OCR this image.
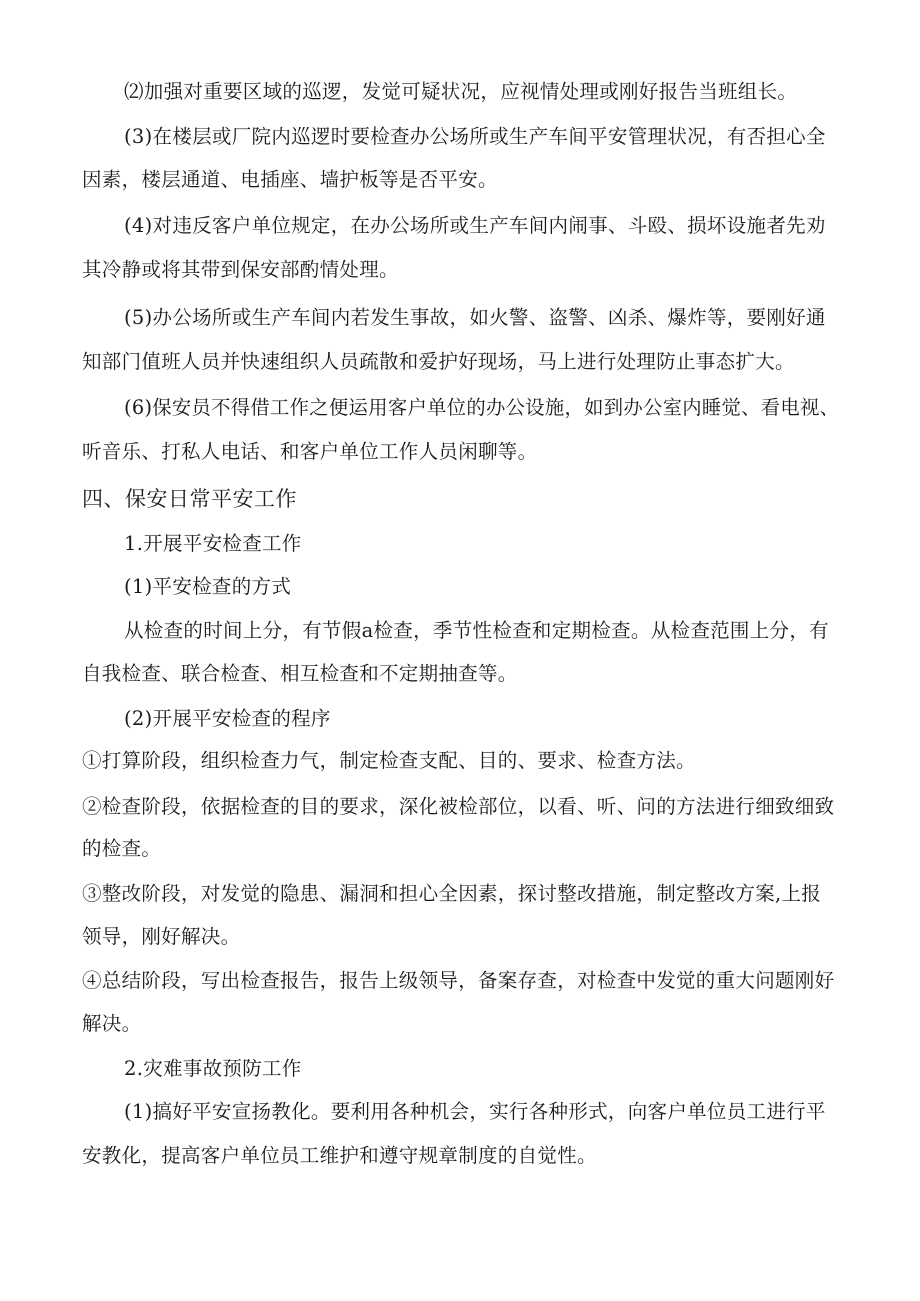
⑵加强对重要区域的巡逻，发觉可疑状况，应视情处理或刚好报告当班组长。
(3)在楼层或厂院内巡逻时要检查办公场所或生产车间平安管理状况，有否担心全
因素，楼层通道、电插座、墙护板等是否平安。
(4)对违反客户单位规定，在办公场所或生产车间内闹事、斗殴、损坏设施者先劝
其冷静或将其带到保安部酌情处理。
(5)办公场所或生产车间内若发生事故，如火警、盗警、凶杀、爆炸等，要刚好通
知部门值班人员并快速组织人员疏散和爱护好现场，马上进行处理防止事态扩大。
(6)保安员不得借工作之便运用客户单位的办公设施，如到办公室内睡觉、看电视、
听音乐、打私人电话、和客户单位工作人员闲聊等。
四、保安日常平安工作
1.开展平安检查工作
(1)平安检查的方式
从检查的时间上分，有节假a检查，季节性检查和定期检查。从检查范围上分，有
自我检查、联合检查、相互检查和不定期抽查等。
(2)开展平安检查的程序
①打算阶段，组织检查力气，制定检查支配、目的、要求、检查方法。
②检查阶段，依据检查的目的要求，深化被检部位，以看、听、问的方法进行细致细致
的检查。
③整改阶段，对发觉的隐患、漏洞和担心全因素，探讨整改措施，制定整改方案,上报
领导，刚好解决。
④总结阶段，写出检查报告，报告上级领导，备案存查，对检查中发觉的重大问题刚好
解决。
2.灾难事故预防工作
(1)搞好平安宣扬教化。要利用各种机会，实行各种形式，向客户单位员工进行平
安教化，提高客户单位员工维护和遵守规章制度的自觉性。
